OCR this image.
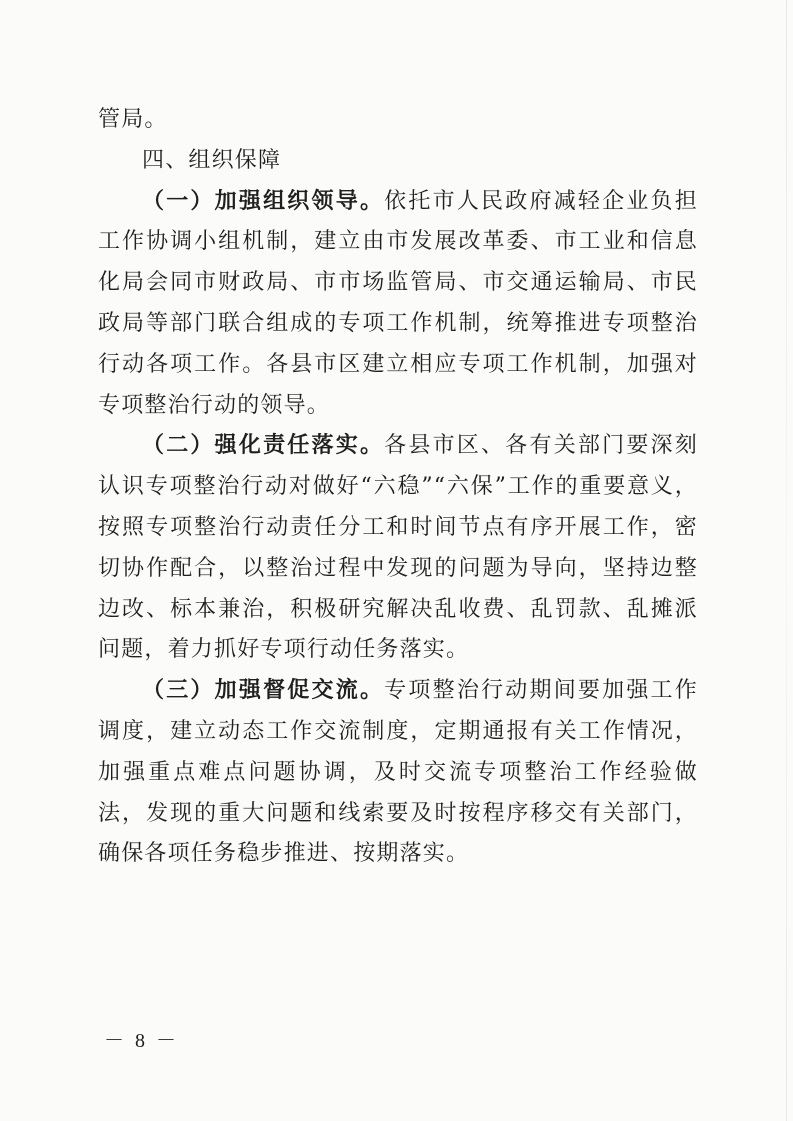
管局。

四、组织保障

（一）加强组织领导。依托市人民政府减轻企业负担工作协调小组机制，建立由市发展改革委、市工业和信息化局会同市财政局、市市场监管局、市交通运输局、市民政局等部门联合组成的专项工作机制，统筹推进专项整治行动各项工作。各县市区建立相应专项工作机制，加强对专项整治行动的领导。

（二）强化责任落实。各县市区、各有关部门要深刻认识专项整治行动对做好“六稳”“六保”工作的重要意义，按照专项整治行动责任分工和时间节点有序开展工作，密切协作配合，以整治过程中发现的问题为导向，坚持边整边改、标本兼治，积极研究解决乱收费、乱罚款、乱摊派问题，着力抓好专项行动任务落实。

（三）加强督促交流。专项整治行动期间要加强工作调度，建立动态工作交流制度，定期通报有关工作情况，加强重点难点问题协调，及时交流专项整治工作经验做法，发现的重大问题和线索要及时按程序移交有关部门，确保各项任务稳步推进、按期落实。

－ 8 －
